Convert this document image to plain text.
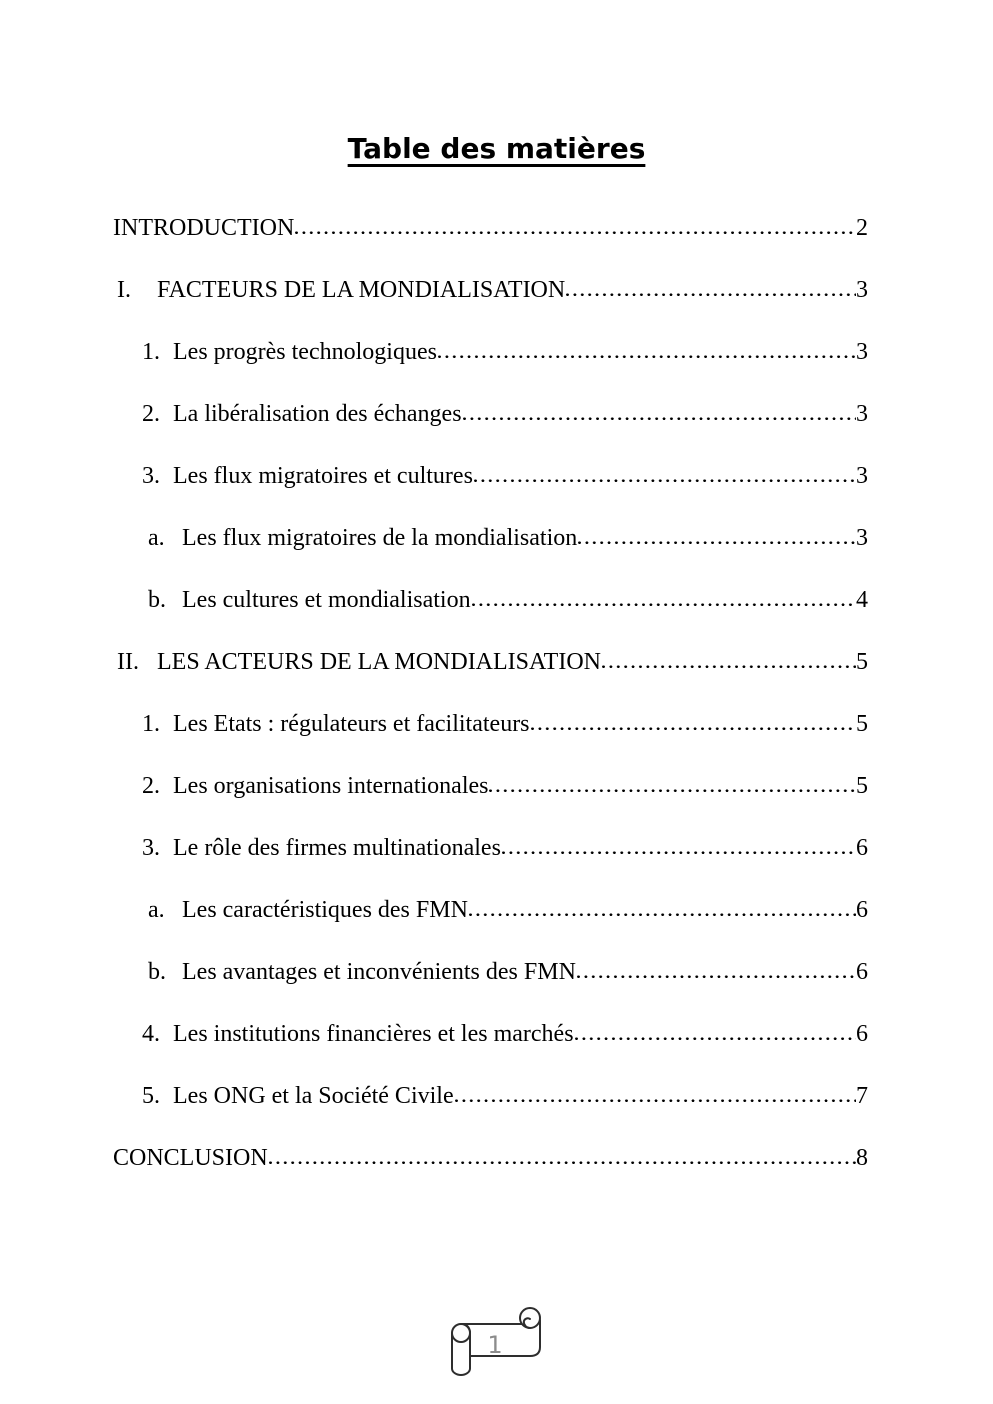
Table des matières
INTRODUCTION	2
I.	FACTEURS DE LA MONDIALISATION	3
1. Les progrès technologiques	3
2. La libéralisation des échanges	3
3. Les flux migratoires et cultures	3
a. Les flux migratoires de la mondialisation	3
b. Les cultures et mondialisation	4
II. LES ACTEURS DE LA MONDIALISATION	5
1. Les Etats : régulateurs et facilitateurs	5
2. Les organisations internationales	5
3. Le rôle des firmes multinationales	6
a. Les caractéristiques des FMN	6
b. Les avantages et inconvénients des FMN	6
4. Les institutions financières et les marchés	6
5. Les ONG et la Société Civile	7
CONCLUSION	8
1
